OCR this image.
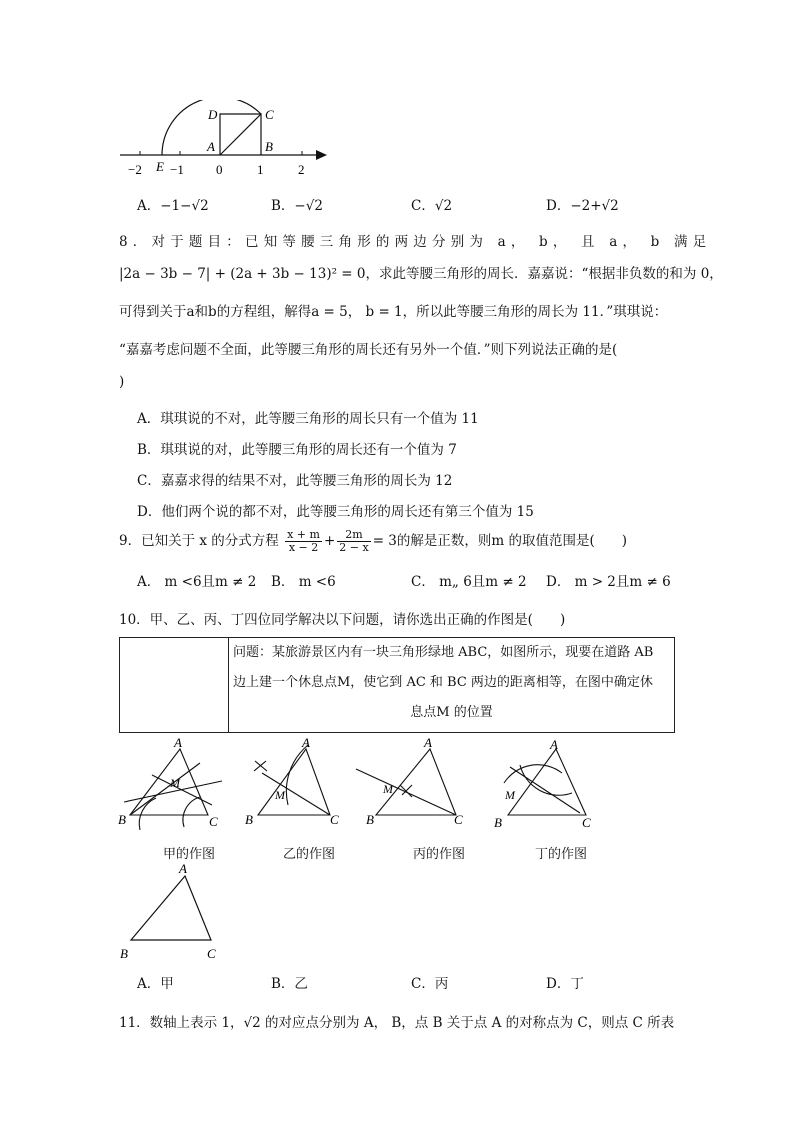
D	C
A	B
E
−2 −1 0	1	2
A．−1−√2	B．−√2	C．√2	D．−2+√2
8．对于题目：已知等腰三角形的两边分别为 a， b， 且 a， b 满足
|2a − 3b − 7| + (2a + 3b − 13)² = 0，求此等腰三角形的周长．嘉嘉说：“根据非负数的和为 0，
可得到关于a和b的方程组，解得a = 5， b = 1，所以此等腰三角形的周长为 11．”琪琪说：
“嘉嘉考虑问题不全面，此等腰三角形的周长还有另外一个值．”则下列说法正确的是(
)
A．琪琪说的不对，此等腰三角形的周长只有一个值为 11
B．琪琪说的对，此等腰三角形的周长还有一个值为 7
C．嘉嘉求得的结果不对，此等腰三角形的周长为 12
D．他们两个说的都不对，此等腰三角形的周长还有第三个值为 15
9．已知关于 x 的分式方程 $\frac{x + m}{x - 2} + \frac{2m}{2 - x} = 3$的解是正数，则m 的取值范围是(　　)
A． m <6且m ≠ 2 B． m <6	C． m„ 6且m ≠ 2 D． m > 2且m ≠ 6
10．甲、乙、丙、丁四位同学解决以下问题，请你选出正确的作图是(　　)
	问题：某旅游景区内有一块三角形绿地 ABC，如图所示，现要在道路 AB
边上建一个休息点M，使它到 AC 和 BC 两边的距离相等，在图中确定休

息点M 的位置
A
B	C
M
A
B	C
M
A
B	C
M
A
B	C
M
甲的作图	乙的作图	丙的作图	丁的作图
A
B	C
A．甲	B．乙	C．丙	D．丁
11．数轴上表示 1，√2 的对应点分别为 A， B，点 B 关于点 A 的对称点为 C，则点 C 所表
